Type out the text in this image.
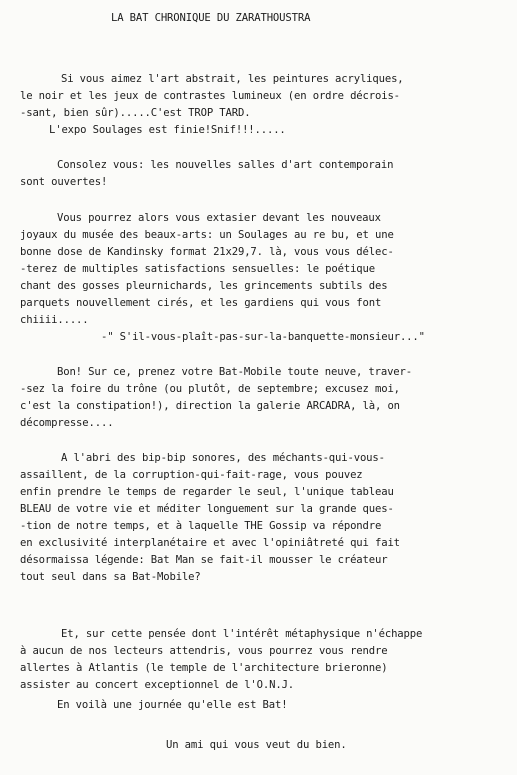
LA BAT CHRONIQUE DU ZARATHOUSTRA
Si vous aimez l'art abstrait, les peintures acryliques,
le noir et les jeux de contrastes lumineux (en ordre décrois-
-sant, bien sûr).....C'est TROP TARD.
L'expo Soulages est finie!Snif!!!.....
Consolez vous: les nouvelles salles d'art contemporain
sont ouvertes!
Vous pourrez alors vous extasier devant les nouveaux
joyaux du musée des beaux-arts: un Soulages au re bu, et une
bonne dose de Kandinsky format 21x29,7. là, vous vous délec-
-terez de multiples satisfactions sensuelles: le poétique
chant des gosses pleurnichards, les grincements subtils des
parquets nouvellement cirés, et les gardiens qui vous font
chiiii.....
-" S'il-vous-plaît-pas-sur-la-banquette-monsieur..."
Bon! Sur ce, prenez votre Bat-Mobile toute neuve, traver-
-sez la foire du trône (ou plutôt, de septembre; excusez moi,
c'est la constipation!), direction la galerie ARCADRA, là, on
décompresse....
A l'abri des bip-bip sonores, des méchants-qui-vous-
assaillent, de la corruption-qui-fait-rage, vous pouvez
enfin prendre le temps de regarder le seul, l'unique tableau
BLEAU de votre vie et méditer longuement sur la grande ques-
-tion de notre temps, et à laquelle THE Gossip va répondre
en exclusivité interplanétaire et avec l'opiniâtreté qui fait
désormaissa légende: Bat Man se fait-il mousser le créateur
tout seul dans sa Bat-Mobile?
Et, sur cette pensée dont l'intérêt métaphysique n'échappe
à aucun de nos lecteurs attendris, vous pourrez vous rendre
allertes à Atlantis (le temple de l'architecture brieronne)
assister au concert exceptionnel de l'O.N.J.
En voilà une journée qu'elle est Bat!
Un ami qui vous veut du bien.
